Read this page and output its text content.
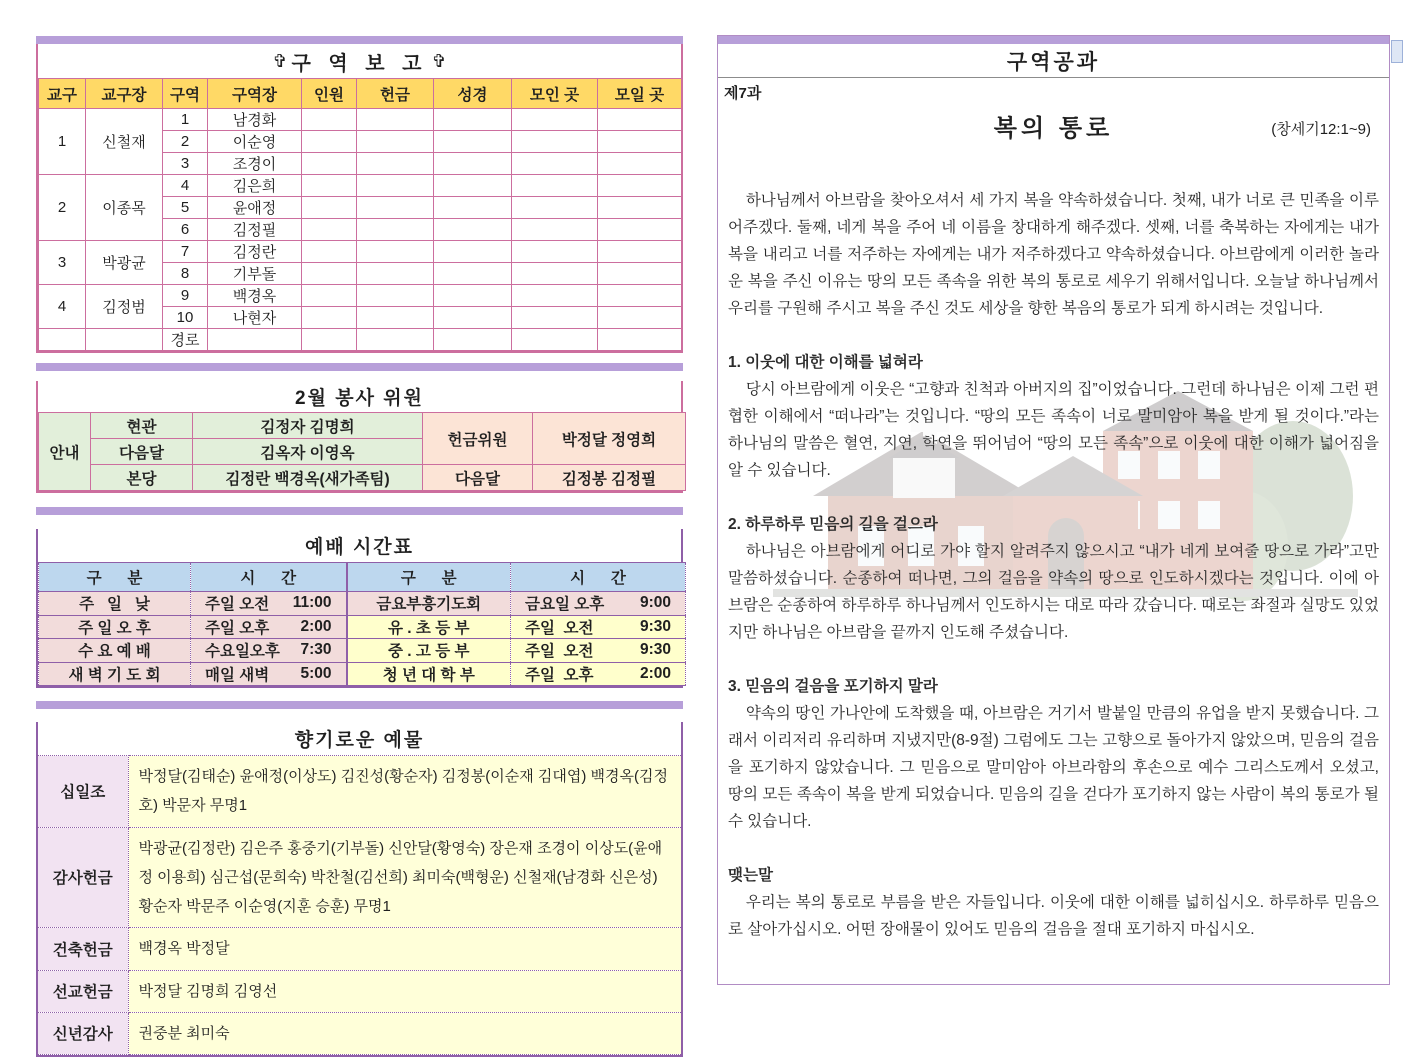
✞ 구 역 보 고 ✞
교구	교구장	구역	구역장	인원	헌금	성경	모인 곳	모일 곳
1	신철재	1	남경화					
		2	이순영					
		3	조경이					
2	이종목	4	김은희					
		5	윤애정					
		6	김정필					
3	박광균	7	김정란					
		8	기부돌					
4	김정범	9	백경옥					
		10	나현자					
		경로						
2월 봉사 위원
안내	현관	김정자 김명희	헌금위원	박정달 정영희
	다음달	김옥자 이영옥		
	본당	김정란 백경옥(새가족팀)	다음달	김정봉 김정필
예배 시간표
구      분	시      간	구      분	시      간
주   일   낮	주일 오전 11:00	금요부흥기도회	금요일 오후 9:00

주 일 오 후	주일 오후 2:00	유 . 초 등 부	주일  오전 9:30

수 요 예 배	수요일오후 7:30	중 . 고 등 부	주일  오전 9:30

새 벽 기 도 회	매일 새벽 5:00	청 년 대 학 부	주일  오후 2:00
향기로운 예물
십일조	박정달(김태순) 윤애정(이상도) 김진성(황순자) 김정봉(이순재 김대엽) 백경옥(김정호) 박문자 무명1
감사헌금	박광균(김정란) 김은주 홍중기(기부돌) 신안달(황영숙) 장은재 조경이 이상도(윤애정 이용희) 심근섭(문희숙) 박찬철(김선희) 최미숙(백형운) 신철재(남경화 신은성) 황순자 박문주 이순영(지훈 승훈) 무명1
건축헌금	백경옥 박정달
선교헌금	박정달 김명희 김영선
신년감사	권중분 최미숙
구역공과
제7과
복의 통로	(창세기12:1~9)

하나님께서 아브람을 찾아오셔서 세 가지 복을 약속하셨습니다. 첫째, 내가 너로 큰 민족을 이루어주겠다. 둘째, 네게 복을 주어 네 이름을 창대하게 해주겠다. 셋째, 너를 축복하는 자에게는 내가 복을 내리고 너를 저주하는 자에게는 내가 저주하겠다고 약속하셨습니다. 아브람에게 이러한 놀라운 복을 주신 이유는 땅의 모든 족속을 위한 복의 통로로 세우기 위해서입니다. 오늘날 하나님께서 우리를 구원해 주시고 복을 주신 것도 세상을 향한 복음의 통로가 되게 하시려는 것입니다.

1. 이웃에 대한 이해를 넓혀라

당시 아브람에게 이웃은 “고향과 친척과 아버지의 집”이었습니다. 그런데 하나님은 이제 그런 편협한 이해에서 “떠나라”는 것입니다. “땅의 모든 족속이 너로 말미암아 복을 받게 될 것이다.”라는 하나님의 말씀은 혈연, 지연, 학연을 뛰어넘어 “땅의 모든 족속”으로 이웃에 대한 이해가 넓어짐을 알 수 있습니다.

2. 하루하루 믿음의 길을 걸으라

하나님은 아브람에게 어디로 가야 할지 알려주지 않으시고 “내가 네게 보여줄 땅으로 가라”고만 말씀하셨습니다. 순종하여 떠나면, 그의 걸음을 약속의 땅으로 인도하시겠다는 것입니다. 이에 아브람은 순종하여 하루하루 하나님께서 인도하시는 대로 따라 갔습니다. 때로는 좌절과 실망도 있었지만 하나님은 아브람을 끝까지 인도해 주셨습니다.

3. 믿음의 걸음을 포기하지 말라

약속의 땅인 가나안에 도착했을 때, 아브람은 거기서 발붙일 만큼의 유업을 받지 못했습니다. 그래서 이리저리 유리하며 지냈지만(8-9절) 그럼에도 그는 고향으로 돌아가지 않았으며, 믿음의 걸음을 포기하지 않았습니다. 그 믿음으로 말미암아 아브라함의 후손으로 예수 그리스도께서 오셨고, 땅의 모든 족속이 복을 받게 되었습니다. 믿음의 길을 걷다가 포기하지 않는 사람이 복의 통로가 될 수 있습니다.

맺는말

우리는 복의 통로로 부름을 받은 자들입니다. 이웃에 대한 이해를 넓히십시오. 하루하루 믿음으로 살아가십시오. 어떤 장애물이 있어도 믿음의 걸음을 절대 포기하지 마십시오.
